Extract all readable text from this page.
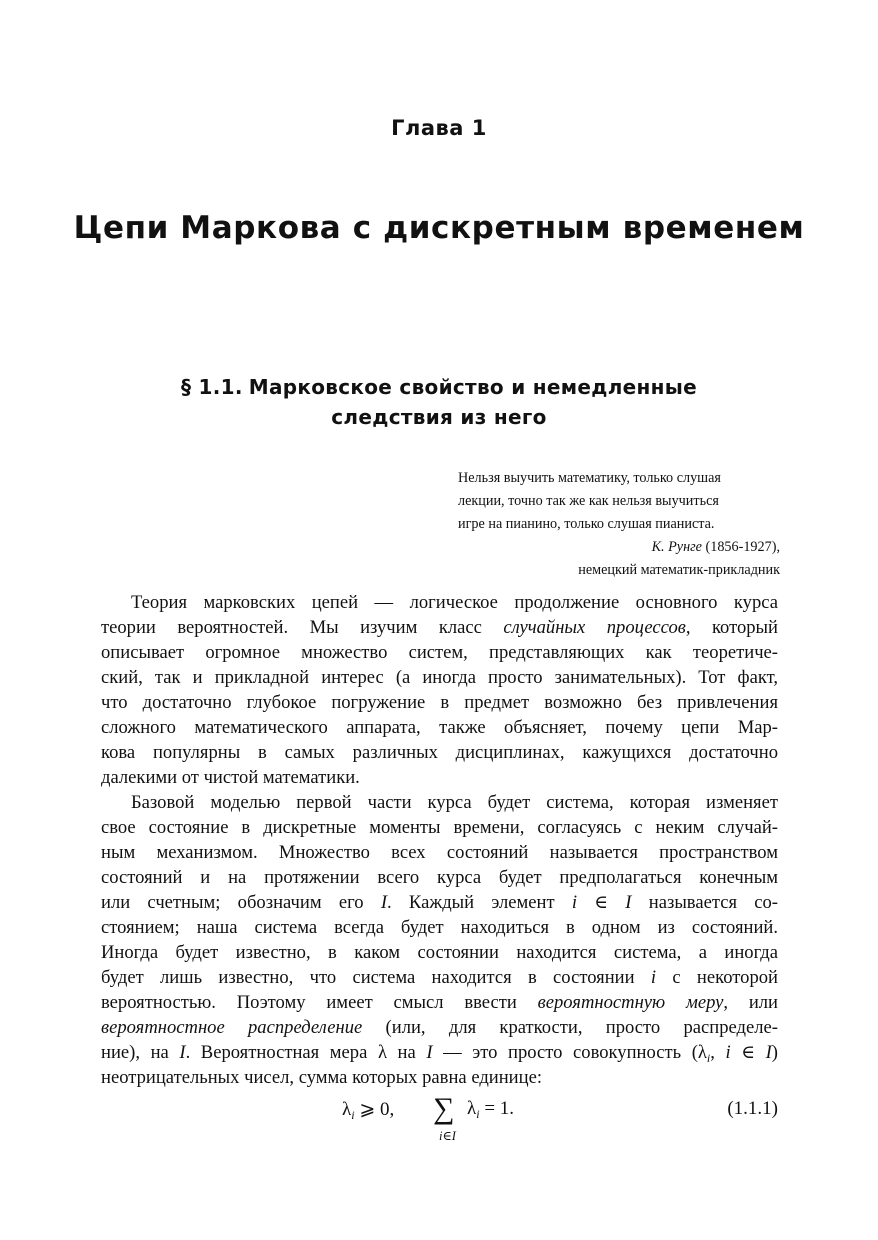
Глава 1
Цепи Маркова с дискретным временем
§ 1.1. Марковское свойство и немедленные
следствия из него
Нельзя выучить математику, только слушая
лекции, точно так же как нельзя выучиться
игре на пианино, только слушая пианиста.
К. Рунге (1856-1927),
немецкий математик-прикладник
Теория марковских цепей — логическое продолжение основного курса
теории вероятностей. Мы изучим класс случайных процессов, который
описывает огромное множество систем, представляющих как теоретиче-
ский, так и прикладной интерес (а иногда просто занимательных). Тот факт,
что достаточно глубокое погружение в предмет возможно без привлечения
сложного математического аппарата, также объясняет, почему цепи Мар-
кова популярны в самых различных дисциплинах, кажущихся достаточно
далекими от чистой математики.
Базовой моделью первой части курса будет система, которая изменяет
свое состояние в дискретные моменты времени, согласуясь с неким случай-
ным механизмом. Множество всех состояний называется пространством
состояний и на протяжении всего курса будет предполагаться конечным
или счетным; обозначим его I. Каждый элемент i ∈ I называется со-
стоянием; наша система всегда будет находиться в одном из состояний.
Иногда будет известно, в каком состоянии находится система, а иногда
будет лишь известно, что система находится в состоянии i с некоторой
вероятностью. Поэтому имеет смысл ввести вероятностную меру, или
вероятностное распределение (или, для краткости, просто распределе-
ние), на I. Вероятностная мера λ на I — это просто совокупность ($\lambda_i$, i ∈ I)
неотрицательных чисел, сумма которых равна единице:
$\lambda_i$ ⩾ 0, ∑
i∈I
$\lambda_i = 1$.	(1.1.1)
